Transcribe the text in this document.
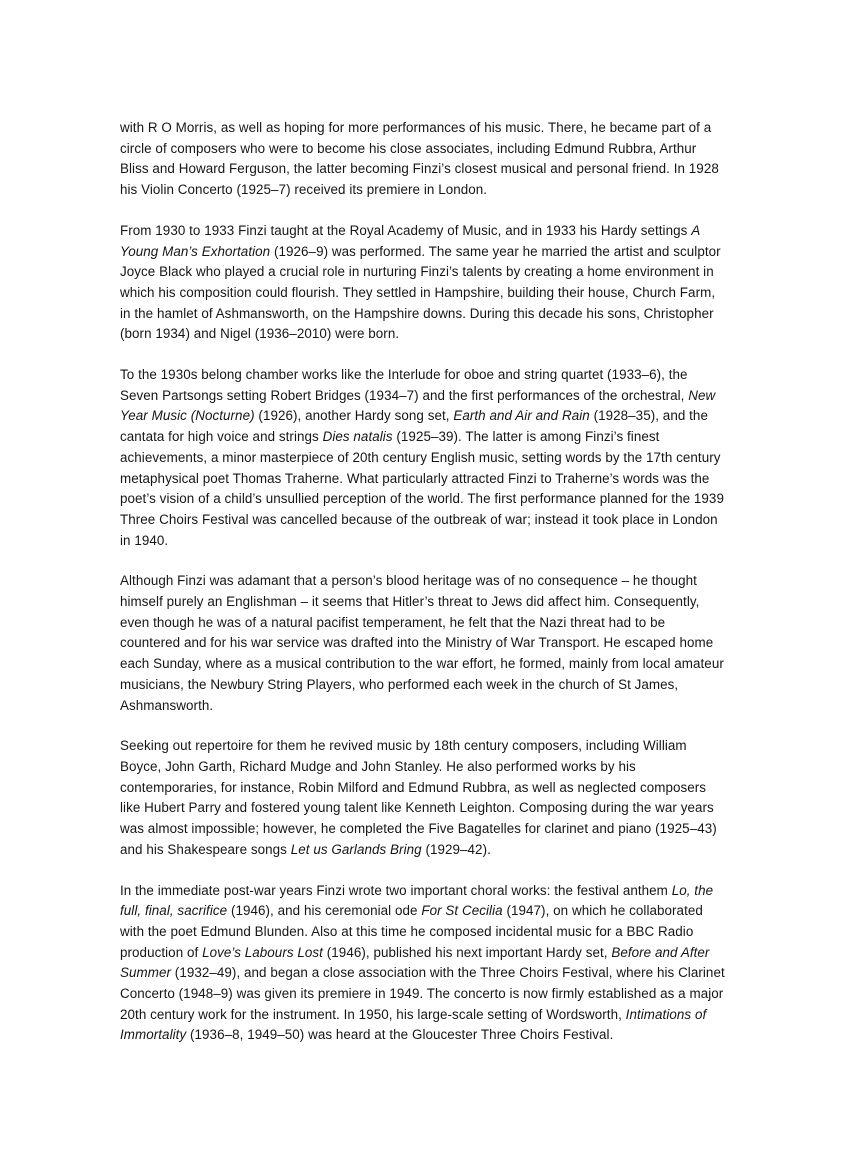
with R O Morris, as well as hoping for more performances of his music. There, he became part of a circle of composers who were to become his close associates, including Edmund Rubbra, Arthur Bliss and Howard Ferguson, the latter becoming Finzi’s closest musical and personal friend. In 1928 his Violin Concerto (1925–7) received its premiere in London.

From 1930 to 1933 Finzi taught at the Royal Academy of Music, and in 1933 his Hardy settings A Young Man’s Exhortation (1926–9) was performed. The same year he married the artist and sculptor Joyce Black who played a crucial role in nurturing Finzi’s talents by creating a home environment in which his composition could flourish. They settled in Hampshire, building their house, Church Farm, in the hamlet of Ashmansworth, on the Hampshire downs. During this decade his sons, Christopher (born 1934) and Nigel (1936–2010) were born.

To the 1930s belong chamber works like the Interlude for oboe and string quartet (1933–6), the Seven Partsongs setting Robert Bridges (1934–7) and the first performances of the orchestral, New Year Music (Nocturne) (1926), another Hardy song set, Earth and Air and Rain (1928–35), and the cantata for high voice and strings Dies natalis (1925–39). The latter is among Finzi’s finest achievements, a minor masterpiece of 20th century English music, setting words by the 17th century metaphysical poet Thomas Traherne. What particularly attracted Finzi to Traherne’s words was the poet’s vision of a child’s unsullied perception of the world. The first performance planned for the 1939 Three Choirs Festival was cancelled because of the outbreak of war; instead it took place in London in 1940.

Although Finzi was adamant that a person’s blood heritage was of no consequence – he thought himself purely an Englishman – it seems that Hitler’s threat to Jews did affect him. Consequently, even though he was of a natural pacifist temperament, he felt that the Nazi threat had to be countered and for his war service was drafted into the Ministry of War Transport. He escaped home each Sunday, where as a musical contribution to the war effort, he formed, mainly from local amateur musicians, the Newbury String Players, who performed each week in the church of St James, Ashmansworth.

Seeking out repertoire for them he revived music by 18th century composers, including William Boyce, John Garth, Richard Mudge and John Stanley. He also performed works by his contemporaries, for instance, Robin Milford and Edmund Rubbra, as well as neglected composers like Hubert Parry and fostered young talent like Kenneth Leighton. Composing during the war years was almost impossible; however, he completed the Five Bagatelles for clarinet and piano (1925–43) and his Shakespeare songs Let us Garlands Bring (1929–42).

In the immediate post-war years Finzi wrote two important choral works: the festival anthem Lo, the full, final, sacrifice (1946), and his ceremonial ode For St Cecilia (1947), on which he collaborated with the poet Edmund Blunden. Also at this time he composed incidental music for a BBC Radio production of Love’s Labours Lost (1946), published his next important Hardy set, Before and After Summer (1932–49), and began a close association with the Three Choirs Festival, where his Clarinet Concerto (1948–9) was given its premiere in 1949. The concerto is now firmly established as a major 20th century work for the instrument. In 1950, his large-scale setting of Wordsworth, Intimations of Immortality (1936–8, 1949–50) was heard at the Gloucester Three Choirs Festival.
